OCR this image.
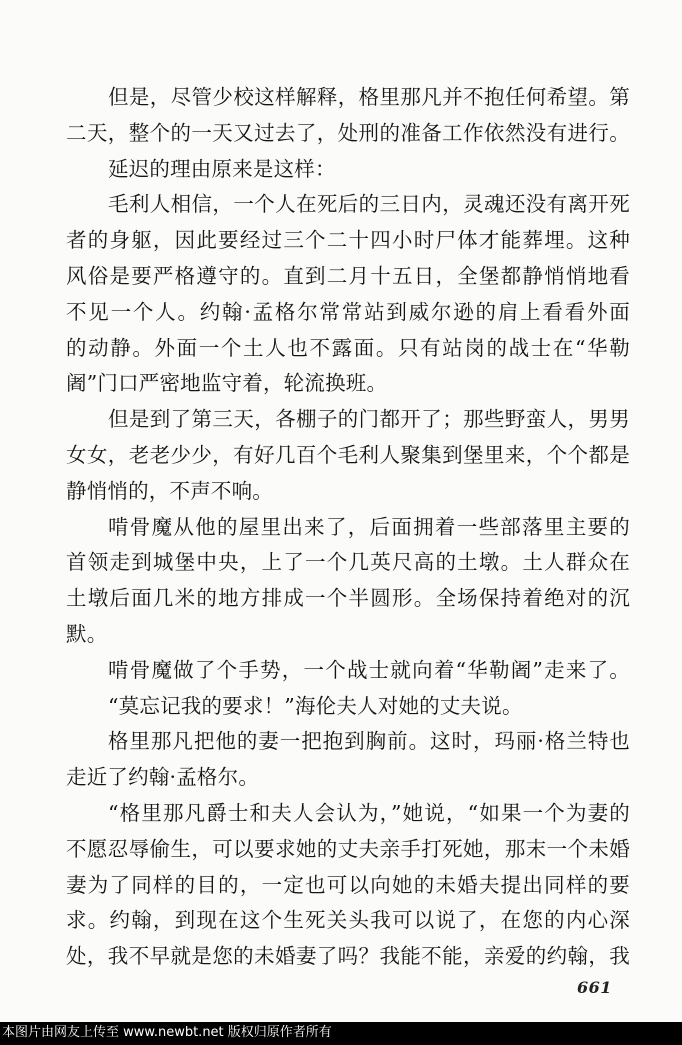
但是，尽管少校这样解释，格里那凡并不抱任何希望。第
二天，整个的一天又过去了，处刑的准备工作依然没有进行。
延迟的理由原来是这样：
毛利人相信，一个人在死后的三日内，灵魂还没有离开死
者的身躯，因此要经过三个二十四小时尸体才能葬埋。这种
风俗是要严格遵守的。直到二月十五日，全堡都静悄悄地看
不见一个人。约翰·孟格尔常常站到威尔逊的肩上看看外面
的动静。外面一个土人也不露面。只有站岗的战士在“华勒
阇”门口严密地监守着，轮流换班。
但是到了第三天，各棚子的门都开了；那些野蛮人，男男
女女，老老少少，有好几百个毛利人聚集到堡里来，个个都是
静悄悄的，不声不响。
啃骨魔从他的屋里出来了，后面拥着一些部落里主要的
首领走到城堡中央，上了一个几英尺高的土墩。土人群众在
土墩后面几米的地方排成一个半圆形。全场保持着绝对的沉
默。
啃骨魔做了个手势，一个战士就向着“华勒阇”走来了。
“莫忘记我的要求！”海伦夫人对她的丈夫说。
格里那凡把他的妻一把抱到胸前。这时，玛丽·格兰特也
走近了约翰·孟格尔。
“格里那凡爵士和夫人会认为，”她说，“如果一个为妻的
不愿忍辱偷生，可以要求她的丈夫亲手打死她，那末一个未婚
妻为了同样的目的，一定也可以向她的未婚夫提出同样的要
求。约翰，到现在这个生死关头我可以说了，在您的内心深
处，我不早就是您的未婚妻了吗？我能不能，亲爱的约翰，我
661
本图片由网友上传至 www.newbt.net 版权归原作者所有
